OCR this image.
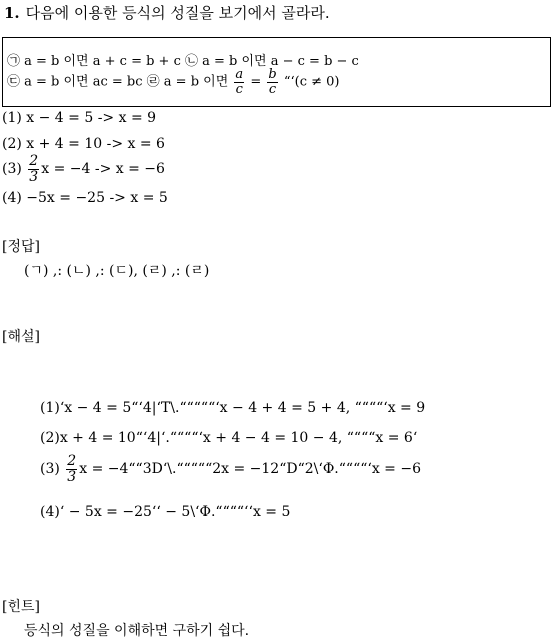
1. 다음에 이용한 등식의 성질을 보기에서 골라라.
㉠ a = b 이면 a + c = b + c ㉡ a = b 이면 a − c = b − c
㉢ a = b 이면 ac = bc ㉣ a = b 이면 $\frac{a}{c} = \frac{b}{c}$ “‘(c ≠ 0)
(1) x − 4 = 5 -> x = 9
(2) x + 4 = 10 -> x = 6
$(3) \frac{2}{3}$ x = −4 -> x = −6
(4) −5x = −25 -> x = 5
[정답]
(ㄱ) ,: (ㄴ) ,: (ㄷ), (ㄹ) ,: (ㄹ)
[해설]
(1)‘x − 4 = 5“‘4|‘T\.“““““‘x − 4 + 4 = 5 + 4, ““““‘x = 9
(2)x + 4 = 10“‘4|‘.““““‘x + 4 − 4 = 10 − 4, ““““x = 6‘
$(3) \frac{2}{3}$ x = −4““3D‘\.“““““2x = −12“D“2\‘Φ.““““‘x = −6
(4)‘ − 5x = −25‘‘ − 5\‘Φ.““““‘‘x = 5
[힌트]
등식의 성질을 이해하면 구하기 쉽다.
